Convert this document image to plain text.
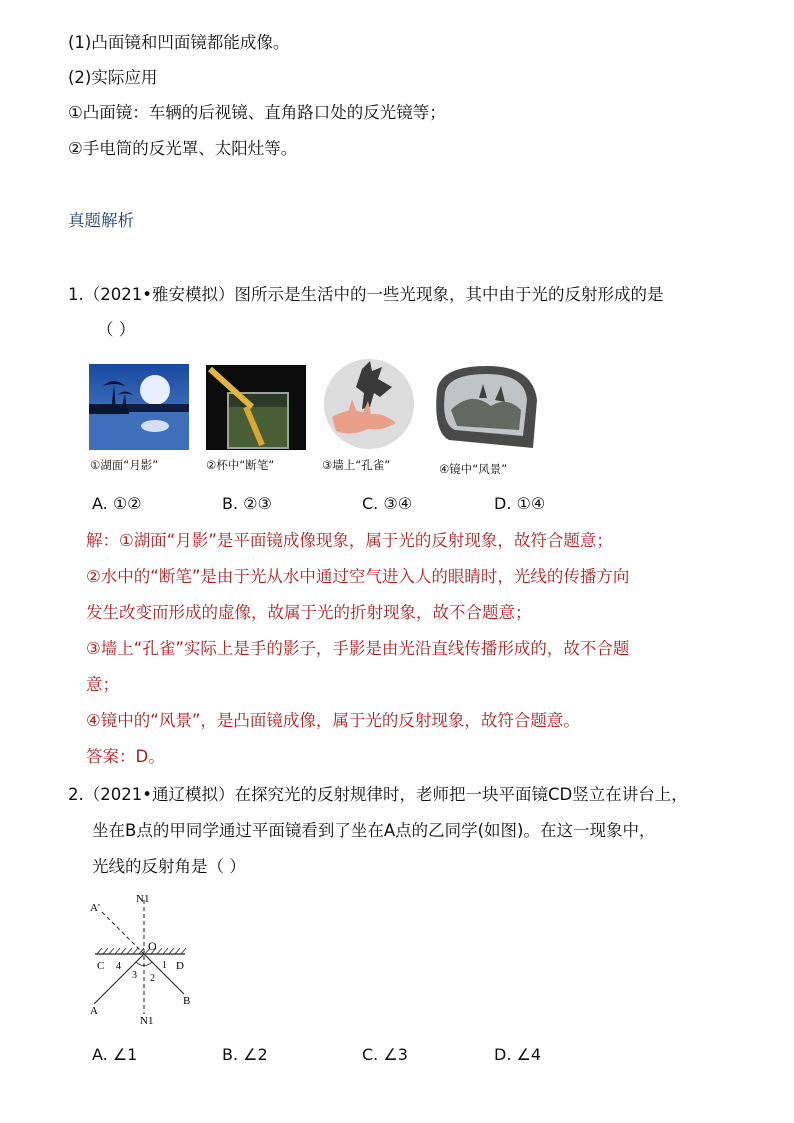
(1)凸面镜和凹面镜都能成像。
(2)实际应用
①凸面镜：车辆的后视镜、直角路口处的反光镜等；
②手电筒的反光罩、太阳灶等。
真题解析
1.（2021•雅安模拟）图所示是生活中的一些光现象，其中由于光的反射形成的是
（ ）
①湖面“月影”	②杯中“断笔”	③墙上“孔雀”	④镜中“风景”
A. ①②	B. ②③	C. ③④	D. ①④
解：①湖面“月影”是平面镜成像现象，属于光的反射现象，故符合题意；
②水中的“断笔”是由于光从水中通过空气进入人的眼睛时，光线的传播方向
发生改变而形成的虚像，故属于光的折射现象，故不合题意；
③墙上“孔雀”实际上是手的影子，手影是由光沿直线传播形成的，故不合题
意；
④镜中的“风景”，是凸面镜成像，属于光的反射现象，故符合题意。
答案：D。
2.（2021•通辽模拟）在探究光的反射规律时，老师把一块平面镜CD竖立在讲台上，
坐在B点的甲同学通过平面镜看到了坐在A点的乙同学(如图)。在这一现象中，
光线的反射角是（ ）
A'
N1
O
C 4
3 2
1 D
A
B
N1
A. ∠1	B. ∠2	C. ∠3	D. ∠4
